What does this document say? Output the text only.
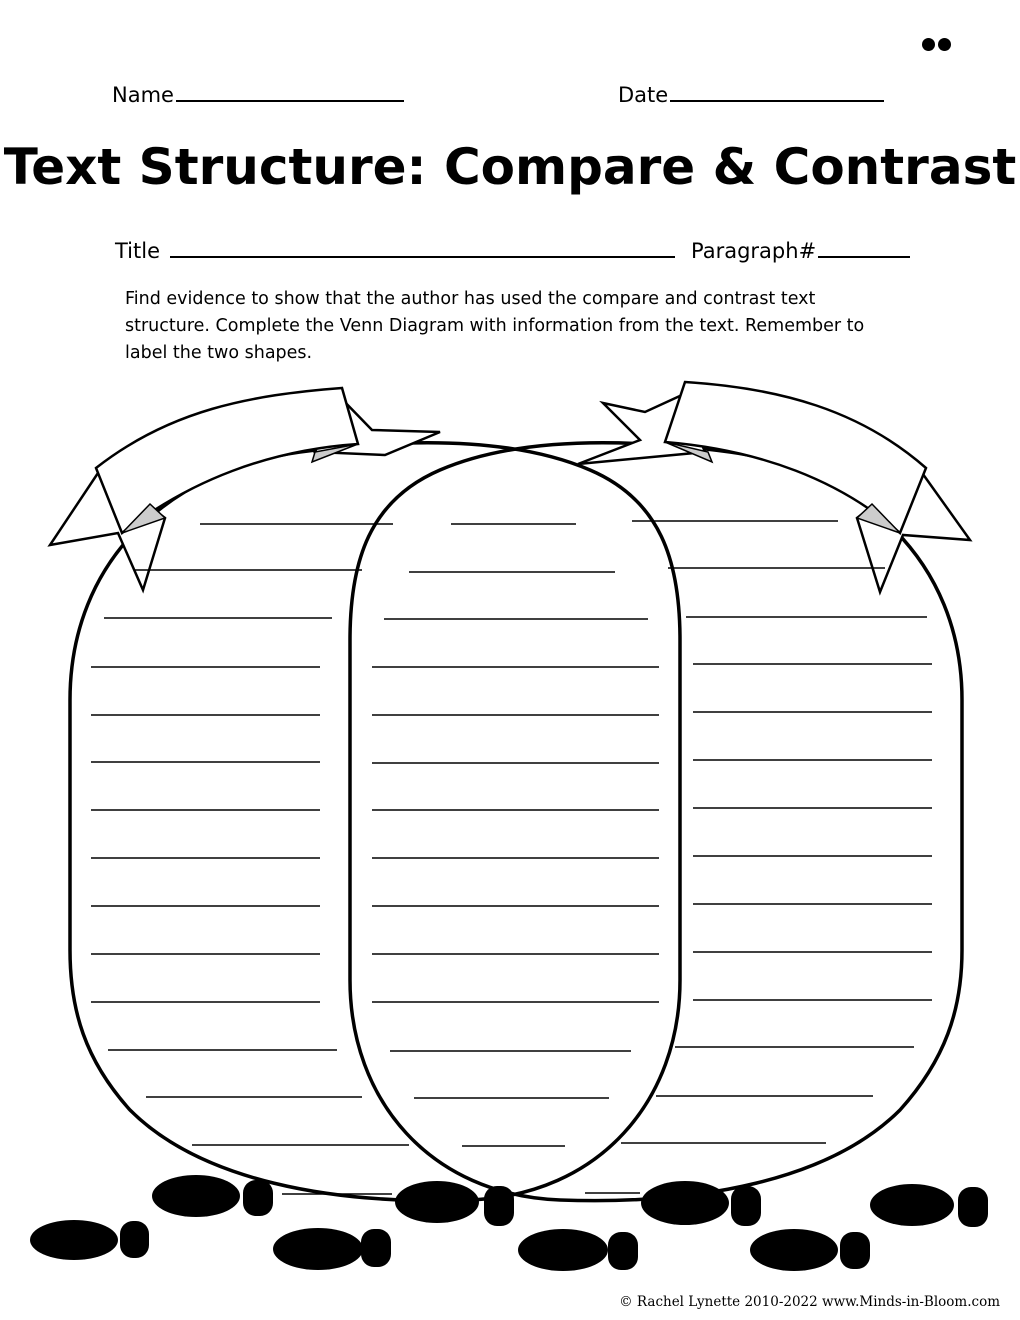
Name	Date
Text Structure: Compare & Contrast
Title	Paragraph#
Find evidence to show that the author has used the compare and contrast text structure. Complete the Venn Diagram with information from the text. Remember to label the two shapes.
© Rachel Lynette 2010-2022 www.Minds-in-Bloom.com
